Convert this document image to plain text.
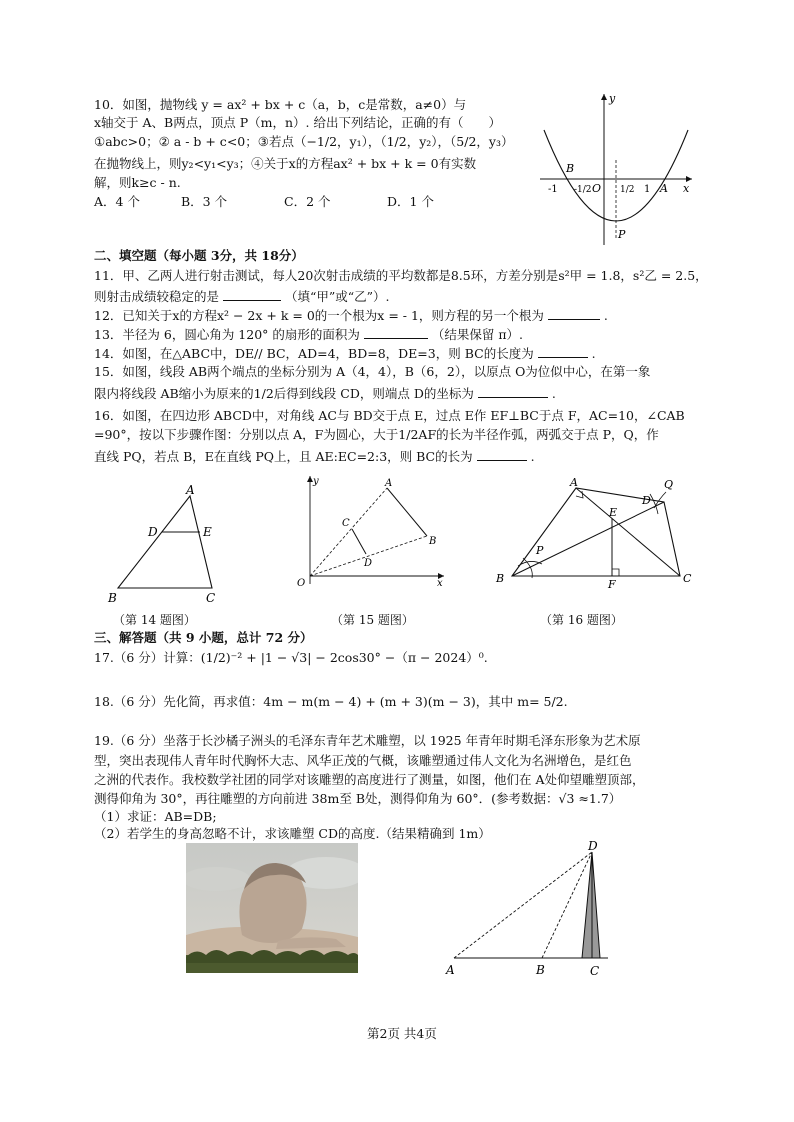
10．如图，抛物线 y = ax² + bx + c（a，b，c是常数，a≠0）与
x轴交于 A、B两点，顶点 P（m，n）. 给出下列结论，正确的有（　　）
①abc>0；② a - b + c<0；③若点（−1/2，y₁），（1/2，y₂），（5/2，y₃）
在抛物线上，则y₂<y₁<y₃；④关于x的方程ax² + bx + k = 0有实数
解，则k≥c - n.
A．4 个	B．3 个	C．2 个	D．1 个
y
x
B
A
O
P
-1 -1/2	1/2 1
二、填空题（每小题 3分，共 18分）
11．甲、乙两人进行射击测试，每人20次射击成绩的平均数都是8.5环，方差分别是s²甲 = 1.8，s²乙 = 2.5，
则射击成绩较稳定的是	（填“甲”或“乙”）.
12．已知关于x的方程x² − 2x + k = 0的一个根为x = - 1，则方程的另一个根为	.
13．半径为 6，圆心角为 120° 的扇形的面积为	（结果保留 π）.
14．如图，在△ABC中，DE// BC，AD=4，BD=8，DE=3，则 BC的长度为	.
15．如图，线段 AB两个端点的坐标分别为 A（4，4），B（6，2），以原点 O为位似中心，在第一象
限内将线段 AB缩小为原来的1/2后得到线段 CD，则端点 D的坐标为	.
16．如图，在四边形 ABCD中，对角线 AC与 BD交于点 E，过点 E作 EF⊥BC于点 F，AC=10，∠CAB
=90°，按以下步骤作图：分别以点 A，F为圆心，大于1/2AF的长为半径作弧，两弧交于点 P，Q，作
直线 PQ，若点 B，E在直线 PQ上，且 AE:EC=2:3，则 BC的长为	.
A
B	C
D	E
（第 14 题图）
y
x
O
A
B
C
D
（第 15 题图）
A
B	C
D
E
F
P
Q
（第 16 题图）
三、解答题（共 9 小题，总计 72 分）
17.（6 分）计算：(1/2)⁻² + |1 − √3| − 2cos30° −（π − 2024）⁰.
18.（6 分）先化简，再求值：4m − m(m − 4) + (m + 3)(m − 3)，其中 m= 5/2.
19.（6 分）坐落于长沙橘子洲头的毛泽东青年艺术雕塑，以 1925 年青年时期毛泽东形象为艺术原
型，突出表现伟人青年时代胸怀大志、风华正茂的气概，该雕塑通过伟人文化为名洲增色，是红色
之洲的代表作。我校数学社团的同学对该雕塑的高度进行了测量，如图，他们在 A处仰望雕塑顶部，
测得仰角为 30°，再往雕塑的方向前进 38m至 B处，测得仰角为 60°．(参考数据：√3 ≈1.7）
（1）求证：AB=DB;
（2）若学生的身高忽略不计，求该雕塑 CD的高度.（结果精确到 1m）
A	B	C
D
第2页 共4页
